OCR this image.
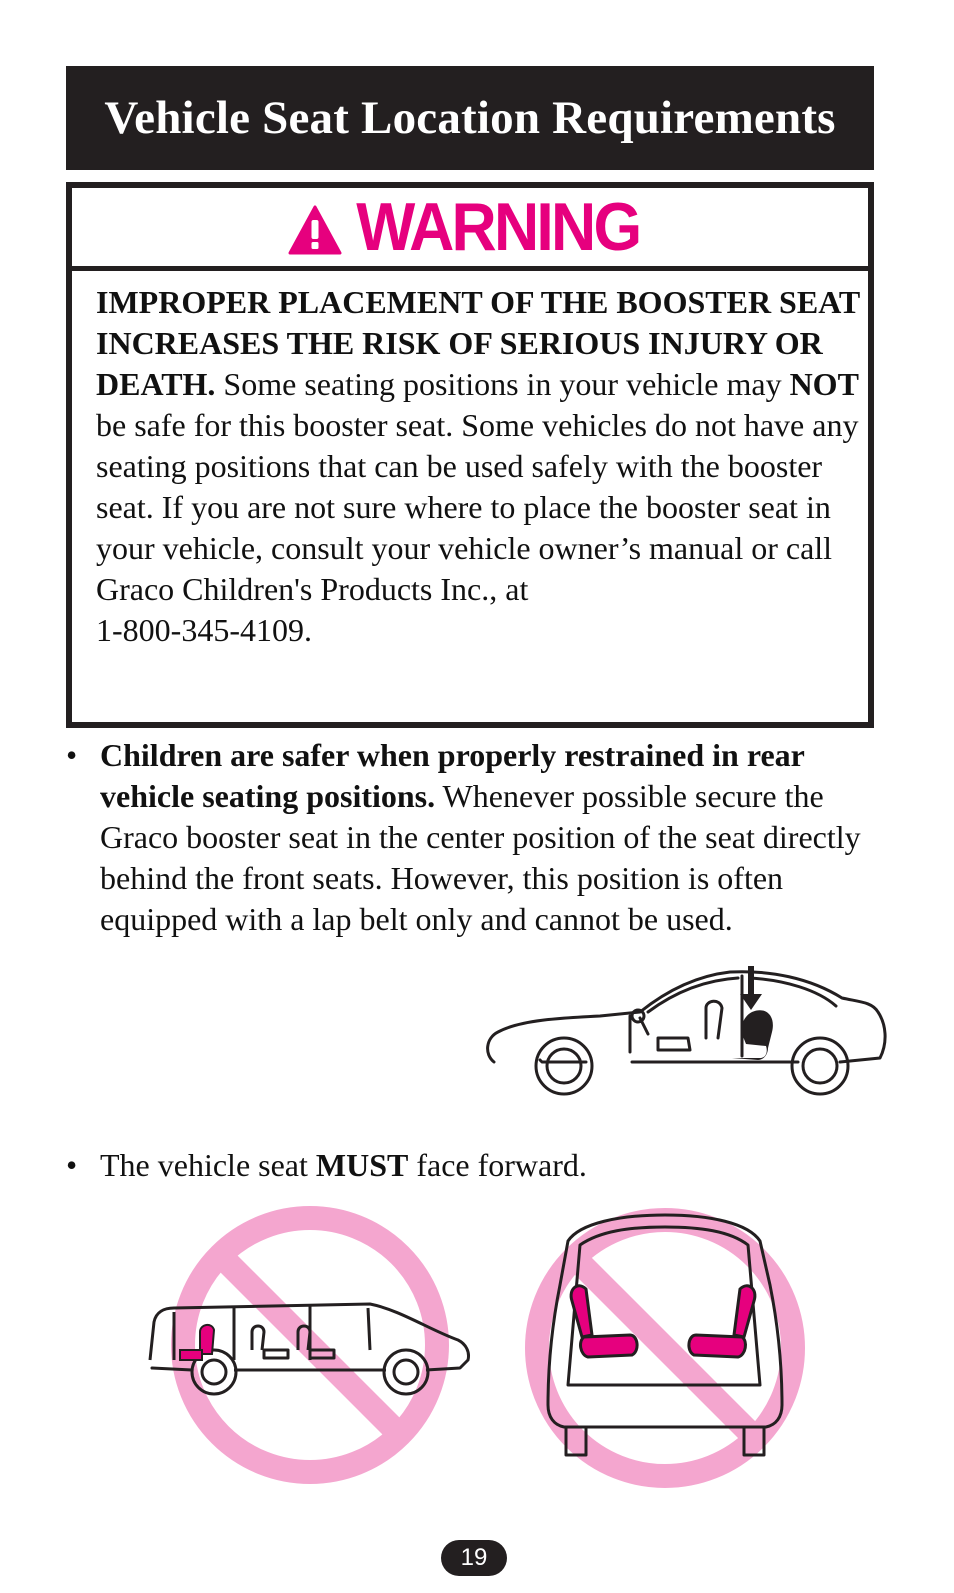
Vehicle Seat Location Requirements
WARNING
IMPROPER PLACEMENT OF THE BOOSTER SEAT INCREASES THE RISK OF SERIOUS INJURY OR DEATH. Some seating positions in your vehicle may NOT be safe for this booster seat. Some vehicles do not have any seating positions that can be used safely with the booster seat. If you are not sure where to place the booster seat in your vehicle, consult your vehicle owner’s manual or call Graco Children's Products Inc., at
1-800-345-4109.
• Children are safer when properly restrained in rear vehicle seating positions. Whenever possible secure the Graco booster seat in the center position of the seat directly behind the front seats. However, this position is often equipped with a lap belt only and cannot be used.
• The vehicle seat MUST face forward.
19
